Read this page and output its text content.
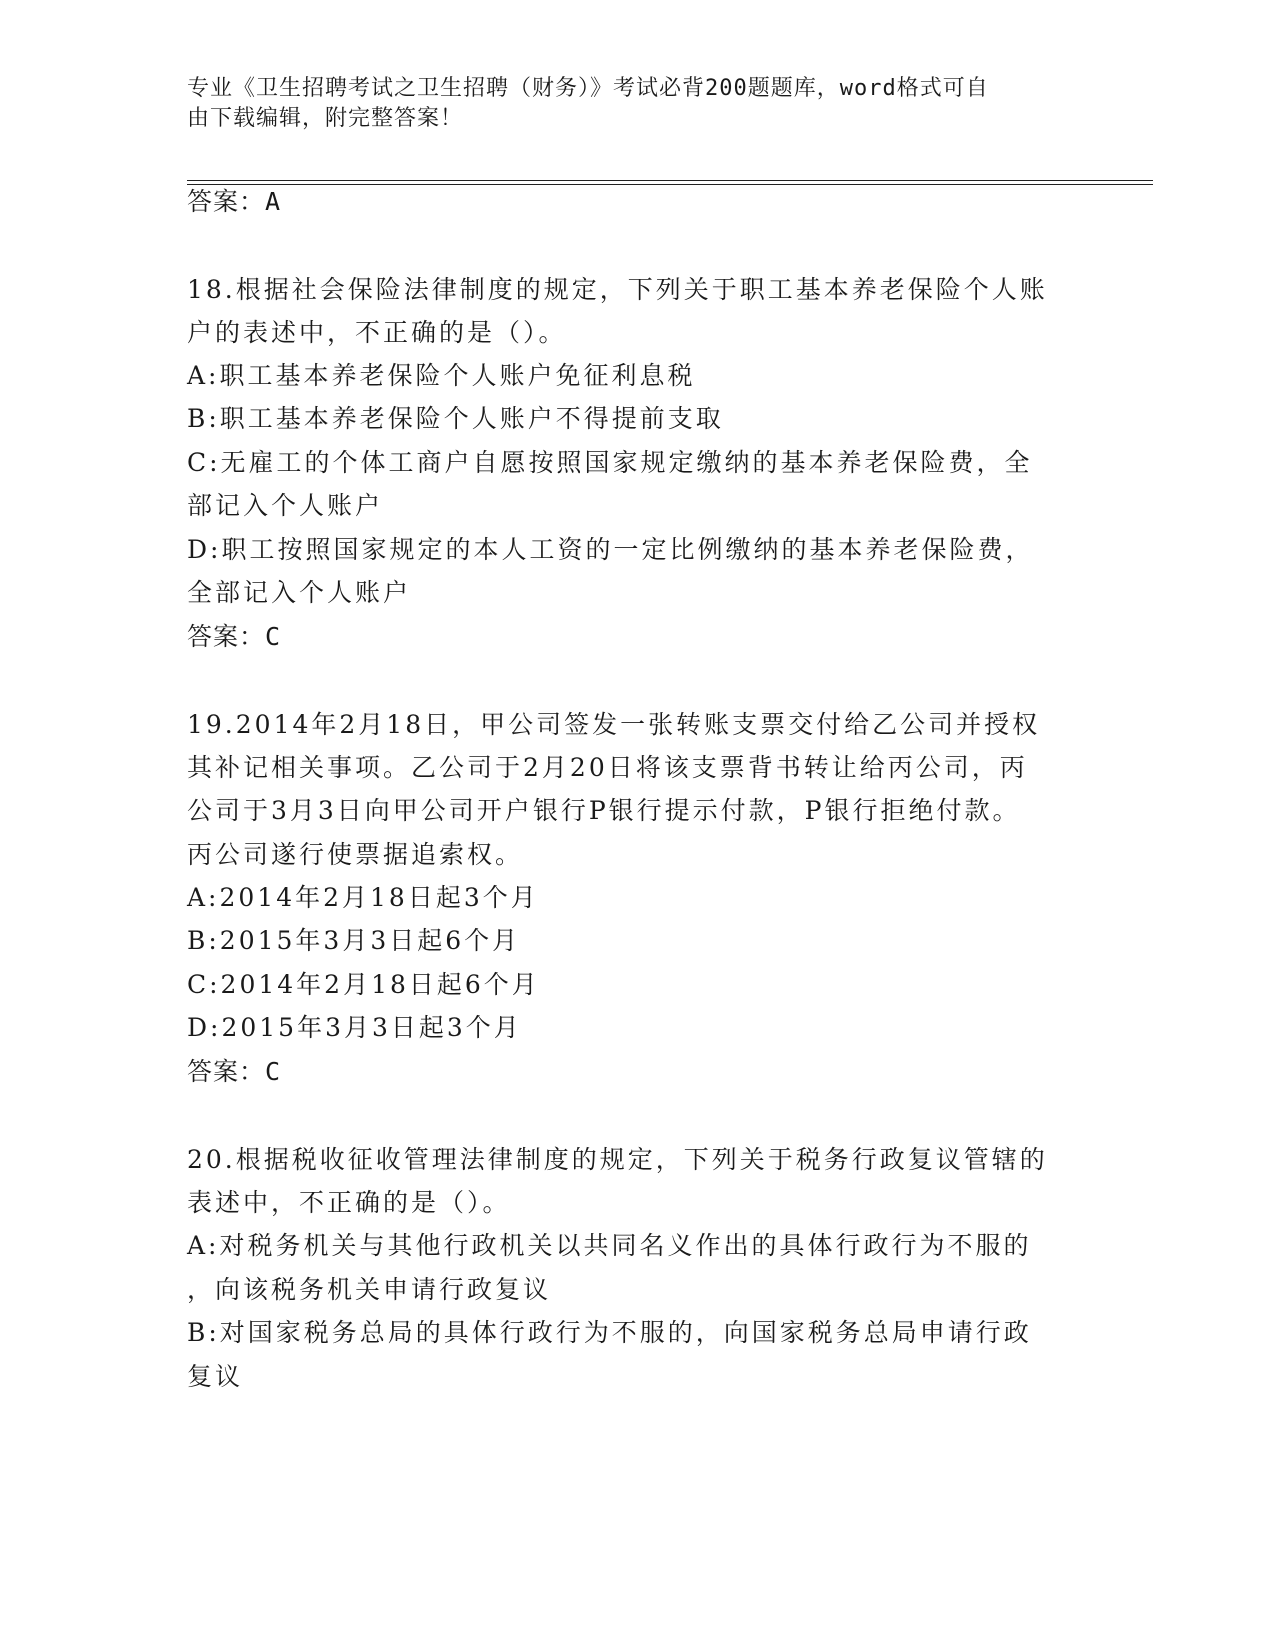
专业《卫生招聘考试之卫生招聘（财务）》考试必背200题题库，word格式可自
由下载编辑，附完整答案！
答案：A
18.根据社会保险法律制度的规定，下列关于职工基本养老保险个人账
户的表述中，不正确的是（）。
A:职工基本养老保险个人账户免征利息税
B:职工基本养老保险个人账户不得提前支取
C:无雇工的个体工商户自愿按照国家规定缴纳的基本养老保险费，全
部记入个人账户
D:职工按照国家规定的本人工资的一定比例缴纳的基本养老保险费，
全部记入个人账户
答案：C
19.2014年2月18日，甲公司签发一张转账支票交付给乙公司并授权
其补记相关事项。乙公司于2月20日将该支票背书转让给丙公司，丙
公司于3月3日向甲公司开户银行P银行提示付款，P银行拒绝付款。
丙公司遂行使票据追索权。
A:2014年2月18日起3个月
B:2015年3月3日起6个月
C:2014年2月18日起6个月
D:2015年3月3日起3个月
答案：C
20.根据税收征收管理法律制度的规定，下列关于税务行政复议管辖的
表述中，不正确的是（）。
A:对税务机关与其他行政机关以共同名义作出的具体行政行为不服的
，向该税务机关申请行政复议
B:对国家税务总局的具体行政行为不服的，向国家税务总局申请行政
复议
